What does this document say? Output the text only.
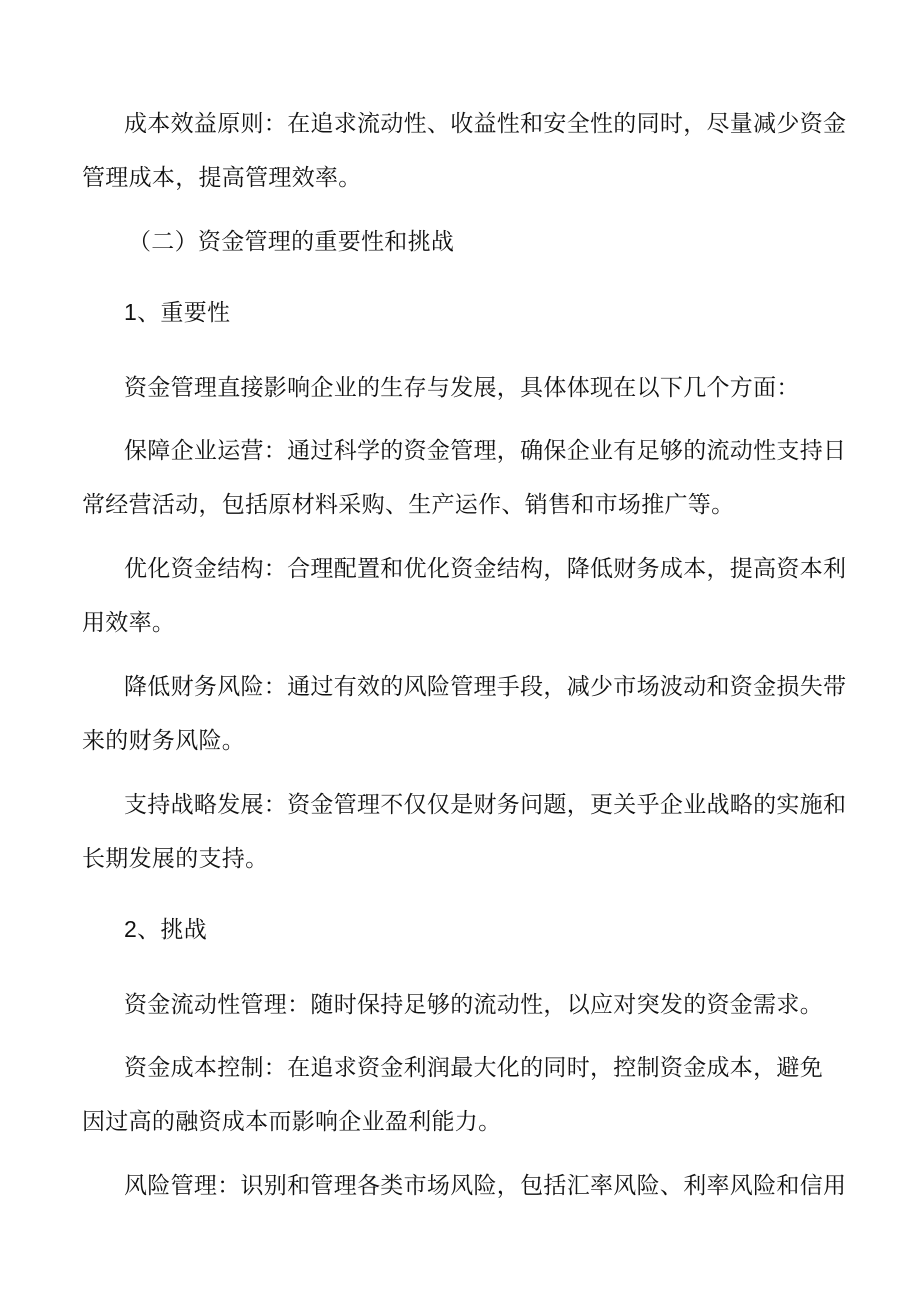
成本效益原则：在追求流动性、收益性和安全性的同时，尽量减少资金
管理成本，提高管理效率。
（二）资金管理的重要性和挑战
1、重要性
资金管理直接影响企业的生存与发展，具体体现在以下几个方面：
保障企业运营：通过科学的资金管理，确保企业有足够的流动性支持日
常经营活动，包括原材料采购、生产运作、销售和市场推广等。
优化资金结构：合理配置和优化资金结构，降低财务成本，提高资本利
用效率。
降低财务风险：通过有效的风险管理手段，减少市场波动和资金损失带
来的财务风险。
支持战略发展：资金管理不仅仅是财务问题，更关乎企业战略的实施和
长期发展的支持。
2、挑战
资金流动性管理：随时保持足够的流动性，以应对突发的资金需求。
资金成本控制：在追求资金利润最大化的同时，控制资金成本，避免
因过高的融资成本而影响企业盈利能力。
风险管理：识别和管理各类市场风险，包括汇率风险、利率风险和信用
